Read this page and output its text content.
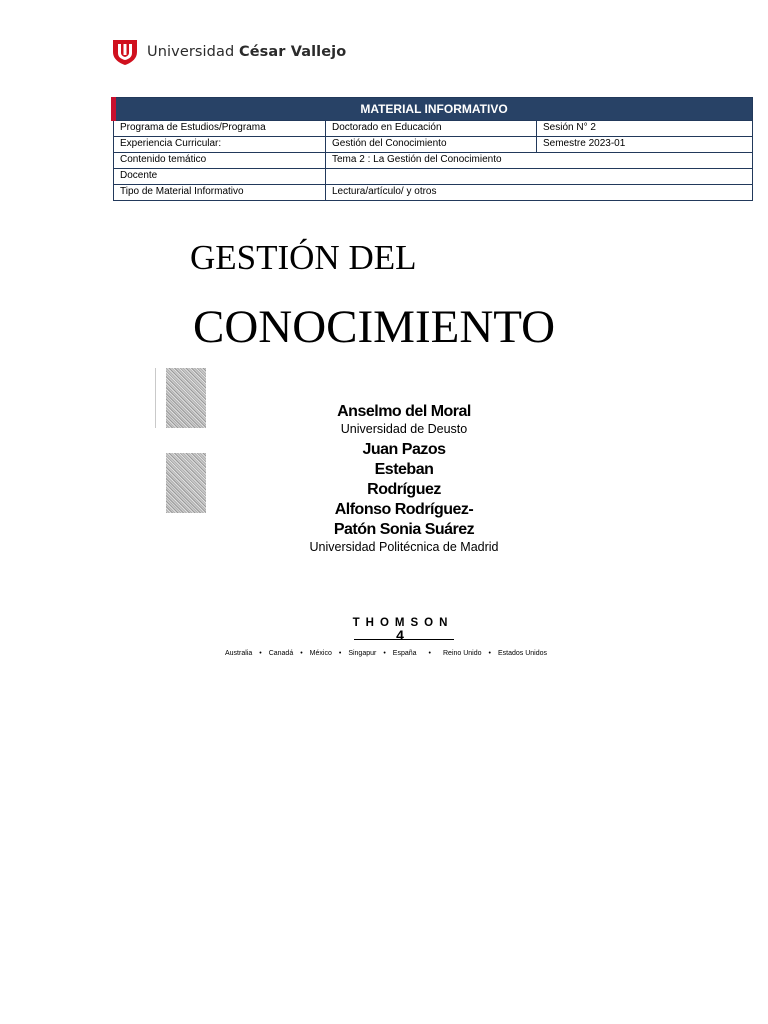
Universidad César Vallejo
MATERIAL INFORMATIVO		
Programa de Estudios/Programa	Doctorado en Educación	Sesión N° 2
Experiencia Curricular:	Gestión del Conocimiento	Semestre 2023-01
Contenido temático	Tema 2 : La Gestión del Conocimiento	
Docente		
Tipo de Material Informativo	Lectura/artículo/ y otros	
GESTIÓN DEL
CONOCIMIENTO
Anselmo del Moral
Universidad de Deusto
Juan Pazos
Esteban
Rodríguez
Alfonso Rodríguez-
Patón Sonia Suárez
Universidad Politécnica de Madrid
THOMSON
4
Australia • Canadá • México • Singapur • España • Reino Unido • Estados Unidos
